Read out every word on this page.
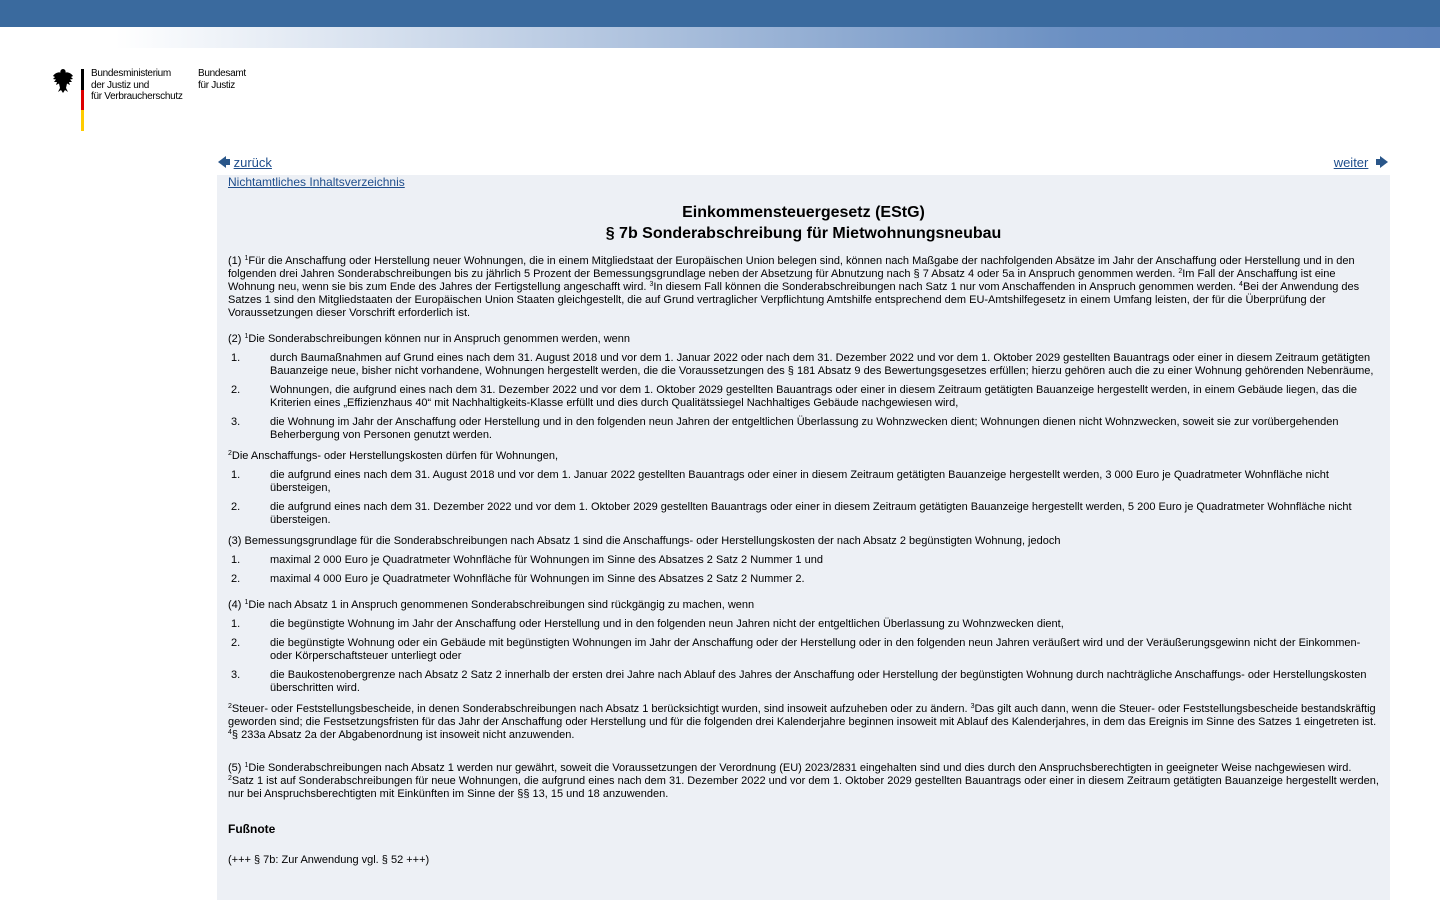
Bundesministerium
der Justiz und
für Verbraucherschutz
Bundesamt
für Justiz
zurück	weiter
Nichtamtliches Inhaltsverzeichnis
Einkommensteuergesetz (EStG)
§ 7b Sonderabschreibung für Mietwohnungsneubau

(1) $^1$Für die Anschaffung oder Herstellung neuer Wohnungen, die in einem Mitgliedstaat der Europäischen Union belegen sind, können nach Maßgabe der nachfolgenden Absätze im Jahr der Anschaffung oder Herstellung und in den folgenden drei Jahren Sonderabschreibungen bis zu jährlich 5 Prozent der Bemessungsgrundlage neben der Absetzung für Abnutzung nach § 7 Absatz 4 oder 5a in Anspruch genommen werden. $^2$Im Fall der Anschaffung ist eine Wohnung neu, wenn sie bis zum Ende des Jahres der Fertigstellung angeschafft wird. $^3$In diesem Fall können die Sonderabschreibungen nach Satz 1 nur vom Anschaffenden in Anspruch genommen werden. $^4$Bei der Anwendung des Satzes 1 sind den Mitgliedstaaten der Europäischen Union Staaten gleichgestellt, die auf Grund vertraglicher Verpflichtung Amtshilfe entsprechend dem EU-Amtshilfegesetz in einem Umfang leisten, der für die Überprüfung der Voraussetzungen dieser Vorschrift erforderlich ist.

(2) $^1$Die Sonderabschreibungen können nur in Anspruch genommen werden, wenn

1.	durch Baumaßnahmen auf Grund eines nach dem 31. August 2018 und vor dem 1. Januar 2022 oder nach dem 31. Dezember 2022 und vor dem 1. Oktober 2029 gestellten Bauantrags oder einer in diesem Zeitraum getätigten Bauanzeige neue, bisher nicht vorhandene, Wohnungen hergestellt werden, die die Voraussetzungen des § 181 Absatz 9 des Bewertungsgesetzes erfüllen; hierzu gehören auch die zu einer Wohnung gehörenden Nebenräume,
2.	Wohnungen, die aufgrund eines nach dem 31. Dezember 2022 und vor dem 1. Oktober 2029 gestellten Bauantrags oder einer in diesem Zeitraum getätigten Bauanzeige hergestellt werden, in einem Gebäude liegen, das die Kriterien eines „Effizienzhaus 40“ mit Nachhaltigkeits-Klasse erfüllt und dies durch Qualitätssiegel Nachhaltiges Gebäude nachgewiesen wird,
3.	die Wohnung im Jahr der Anschaffung oder Herstellung und in den folgenden neun Jahren der entgeltlichen Überlassung zu Wohnzwecken dient; Wohnungen dienen nicht Wohnzwecken, soweit sie zur vorübergehenden Beherbergung von Personen genutzt werden.

$^2$Die Anschaffungs- oder Herstellungskosten dürfen für Wohnungen,

1.	die aufgrund eines nach dem 31. August 2018 und vor dem 1. Januar 2022 gestellten Bauantrags oder einer in diesem Zeitraum getätigten Bauanzeige hergestellt werden, 3 000 Euro je Quadratmeter Wohnfläche nicht übersteigen,
2.	die aufgrund eines nach dem 31. Dezember 2022 und vor dem 1. Oktober 2029 gestellten Bauantrags oder einer in diesem Zeitraum getätigten Bauanzeige hergestellt werden, 5 200 Euro je Quadratmeter Wohnfläche nicht übersteigen.

(3) Bemessungsgrundlage für die Sonderabschreibungen nach Absatz 1 sind die Anschaffungs- oder Herstellungskosten der nach Absatz 2 begünstigten Wohnung, jedoch

1.	maximal 2 000 Euro je Quadratmeter Wohnfläche für Wohnungen im Sinne des Absatzes 2 Satz 2 Nummer 1 und
2.	maximal 4 000 Euro je Quadratmeter Wohnfläche für Wohnungen im Sinne des Absatzes 2 Satz 2 Nummer 2.

(4) $^1$Die nach Absatz 1 in Anspruch genommenen Sonderabschreibungen sind rückgängig zu machen, wenn

1.	die begünstigte Wohnung im Jahr der Anschaffung oder Herstellung und in den folgenden neun Jahren nicht der entgeltlichen Überlassung zu Wohnzwecken dient,
2.	die begünstigte Wohnung oder ein Gebäude mit begünstigten Wohnungen im Jahr der Anschaffung oder der Herstellung oder in den folgenden neun Jahren veräußert wird und der Veräußerungsgewinn nicht der Einkommen- oder Körperschaftsteuer unterliegt oder
3.	die Baukostenobergrenze nach Absatz 2 Satz 2 innerhalb der ersten drei Jahre nach Ablauf des Jahres der Anschaffung oder Herstellung der begünstigten Wohnung durch nachträgliche Anschaffungs- oder Herstellungskosten überschritten wird.

$^2$Steuer- oder Feststellungsbescheide, in denen Sonderabschreibungen nach Absatz 1 berücksichtigt wurden, sind insoweit aufzuheben oder zu ändern. $^3$Das gilt auch dann, wenn die Steuer- oder Feststellungsbescheide bestandskräftig geworden sind; die Festsetzungsfristen für das Jahr der Anschaffung oder Herstellung und für die folgenden drei Kalenderjahre beginnen insoweit mit Ablauf des Kalenderjahres, in dem das Ereignis im Sinne des Satzes 1 eingetreten ist. $^4$§ 233a Absatz 2a der Abgabenordnung ist insoweit nicht anzuwenden.

(5) $^1$Die Sonderabschreibungen nach Absatz 1 werden nur gewährt, soweit die Voraussetzungen der Verordnung (EU) 2023/2831 eingehalten sind und dies durch den Anspruchsberechtigten in geeigneter Weise nachgewiesen wird. $^2$Satz 1 ist auf Sonderabschreibungen für neue Wohnungen, die aufgrund eines nach dem 31. Dezember 2022 und vor dem 1. Oktober 2029 gestellten Bauantrags oder einer in diesem Zeitraum getätigten Bauanzeige hergestellt werden, nur bei Anspruchsberechtigten mit Einkünften im Sinne der §§ 13, 15 und 18 anzuwenden.

Fußnote
(+++ § 7b: Zur Anwendung vgl. § 52 +++)
